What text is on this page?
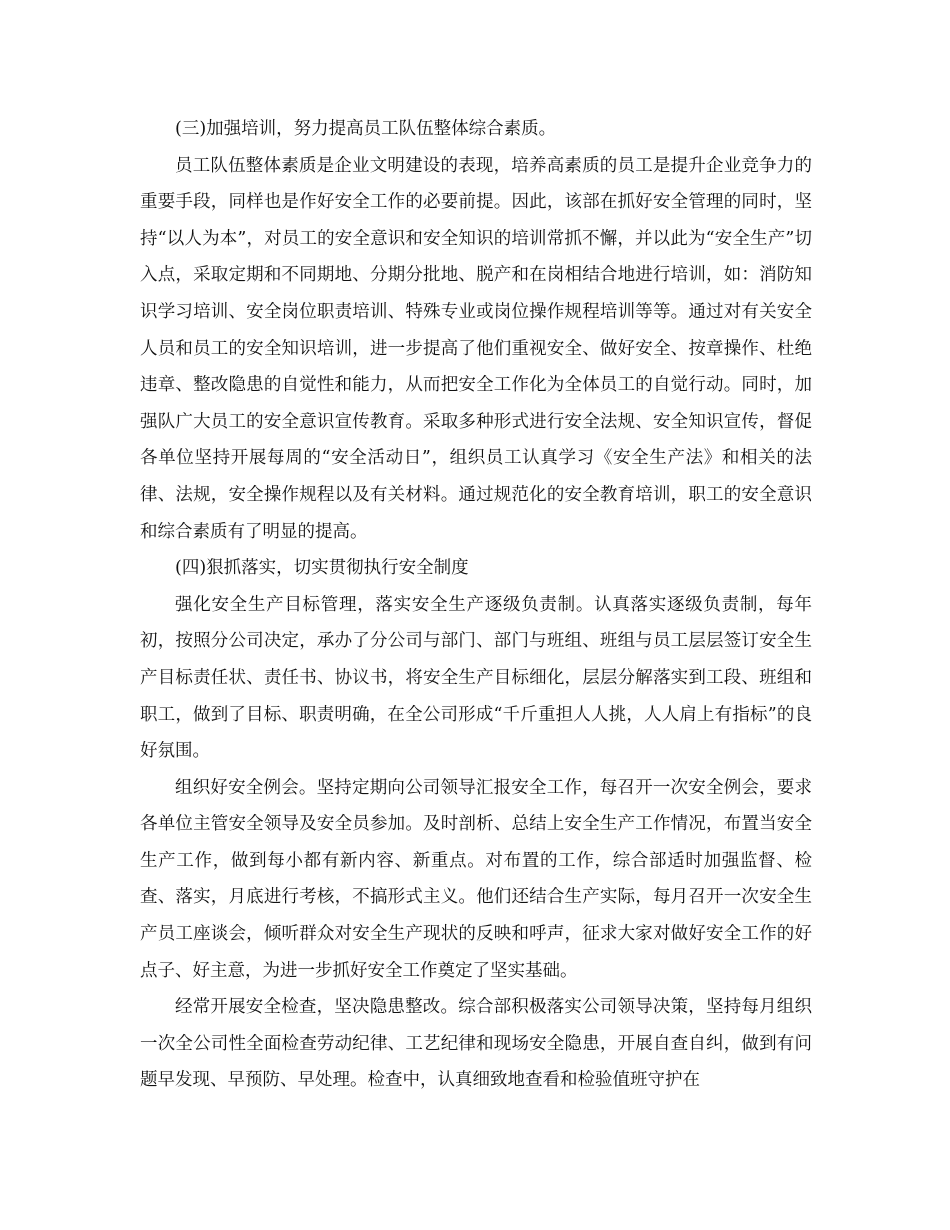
(三)加强培训，努力提高员工队伍整体综合素质。

员工队伍整体素质是企业文明建设的表现，培养高素质的员工是提升企业竞争力的重要手段，同样也是作好安全工作的必要前提。因此，该部在抓好安全管理的同时，坚持“以人为本”，对员工的安全意识和安全知识的培训常抓不懈，并以此为“安全生产”切入点，采取定期和不同期地、分期分批地、脱产和在岗相结合地进行培训，如：消防知识学习培训、安全岗位职责培训、特殊专业或岗位操作规程培训等等。通过对有关安全人员和员工的安全知识培训，进一步提高了他们重视安全、做好安全、按章操作、杜绝违章、整改隐患的自觉性和能力，从而把安全工作化为全体员工的自觉行动。同时，加强队广大员工的安全意识宣传教育。采取多种形式进行安全法规、安全知识宣传，督促各单位坚持开展每周的“安全活动日”，组织员工认真学习《安全生产法》和相关的法律、法规，安全操作规程以及有关材料。通过规范化的安全教育培训，职工的安全意识和综合素质有了明显的提高。

(四)狠抓落实，切实贯彻执行安全制度

强化安全生产目标管理，落实安全生产逐级负责制。认真落实逐级负责制，每年初，按照分公司决定，承办了分公司与部门、部门与班组、班组与员工层层签订安全生产目标责任状、责任书、协议书，将安全生产目标细化，层层分解落实到工段、班组和职工，做到了目标、职责明确，在全公司形成“千斤重担人人挑，人人肩上有指标”的良好氛围。

组织好安全例会。坚持定期向公司领导汇报安全工作，每召开一次安全例会，要求各单位主管安全领导及安全员参加。及时剖析、总结上安全生产工作情况，布置当安全生产工作，做到每小都有新内容、新重点。对布置的工作，综合部适时加强监督、检查、落实，月底进行考核，不搞形式主义。他们还结合生产实际，每月召开一次安全生产员工座谈会，倾听群众对安全生产现状的反映和呼声，征求大家对做好安全工作的好点子、好主意，为进一步抓好安全工作奠定了坚实基础。

经常开展安全检查，坚决隐患整改。综合部积极落实公司领导决策，坚持每月组织一次全公司性全面检查劳动纪律、工艺纪律和现场安全隐患，开展自查自纠，做到有问题早发现、早预防、早处理。检查中，认真细致地查看和检验值班守护在
